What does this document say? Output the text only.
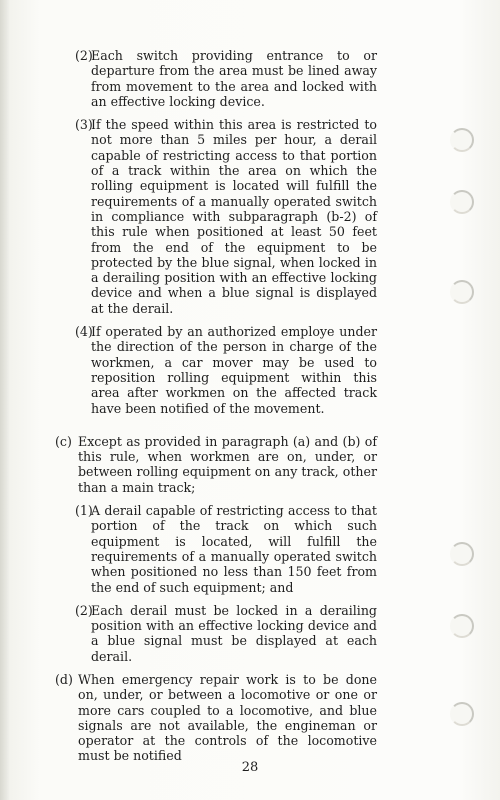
(2)
Each switch providing entrance to or departure from the area must be lined away from movement to the area and locked with an effective locking device.
(3)
If the speed within this area is restricted to not more than 5 miles per hour, a derail capable of restricting access to that portion of a track within the area on which the rolling equipment is located will fulfill the requirements of a manually operated switch in compliance with subparagraph (b-2) of this rule when positioned at least 50 feet from the end of the equipment to be protected by the blue signal, when locked in a derailing position with an effective locking device and when a blue signal is displayed at the derail.
(4)
If operated by an authorized employe under the direction of the person in charge of the workmen, a car mover may be used to reposition rolling equipment within this area after workmen on the affected track have been notified of the movement.
(c) Except as provided in paragraph (a) and (b) of this rule, when workmen are on, under, or between rolling equipment on any track, other than a main track;
(1)
A derail capable of restricting access to that portion of the track on which such equipment is located, will fulfill the requirements of a manually operated switch when positioned no less than 150 feet from the end of such equipment; and
(2)
Each derail must be locked in a derailing position with an effective locking device and a blue signal must be displayed at each derail.
(d) When emergency repair work is to be done on, under, or between a locomotive or one or more cars coupled to a locomotive, and blue signals are not available, the engineman or operator at the controls of the locomotive must be notified
28
